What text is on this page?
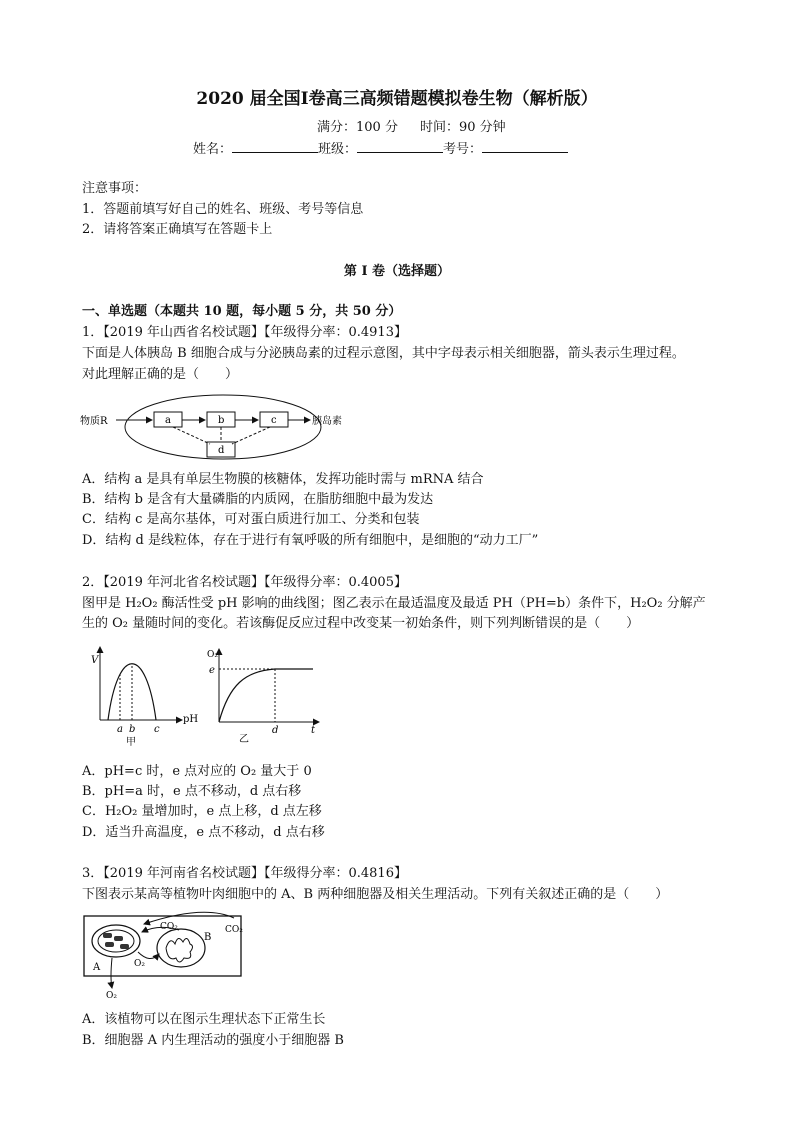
2020 届全国Ⅰ卷高三高频错题模拟卷生物（解析版）
满分：100 分 时间：90 分钟
姓名：	班级：	考号：
注意事项：
1．答题前填写好自己的姓名、班级、考号等信息
2．请将答案正确填写在答题卡上
第 I 卷（选择题）
一、单选题（本题共 10 题，每小题 5 分，共 50 分）
1．【2019 年山西省名校试题】【年级得分率：0.4913】
下面是人体胰岛 B 细胞合成与分泌胰岛素的过程示意图，其中字母表示相关细胞器，箭头表示生理过程。
对此理解正确的是（　　）
物质R	a	b	c	胰岛素
d
A．结构 a 是具有单层生物膜的核糖体，发挥功能时需与 mRNA 结合
B．结构 b 是含有大量磷脂的内质网，在脂肪细胞中最为发达
C．结构 c 是高尔基体，可对蛋白质进行加工、分类和包装
D．结构 d 是线粒体，存在于进行有氧呼吸的所有细胞中，是细胞的“动力工厂”
2．【2019 年河北省名校试题】【年级得分率：0.4005】
图甲是 H₂O₂ 酶活性受 pH 影响的曲线图；图乙表示在最适温度及最适 PH（PH=b）条件下，H₂O₂ 分解产
生的 O₂ 量随时间的变化。若该酶促反应过程中改变某一初始条件，则下列判断错误的是（　　）
V
pH
a b c
甲
O₂
t
e
d
乙
A．pH=c 时，e 点对应的 O₂ 量大于 0
B．pH=a 时，e 点不移动，d 点右移
C．H₂O₂ 量增加时，e 点上移，d 点左移
D．适当升高温度，e 点不移动，d 点右移
3．【2019 年河南省名校试题】【年级得分率：0.4816】
下图表示某高等植物叶肉细胞中的 A、B 两种细胞器及相关生理活动。下列有关叙述正确的是（　　）
A
B
CO₂	CO₂
O₂
O₂
A．该植物可以在图示生理状态下正常生长
B．细胞器 A 内生理活动的强度小于细胞器 B
